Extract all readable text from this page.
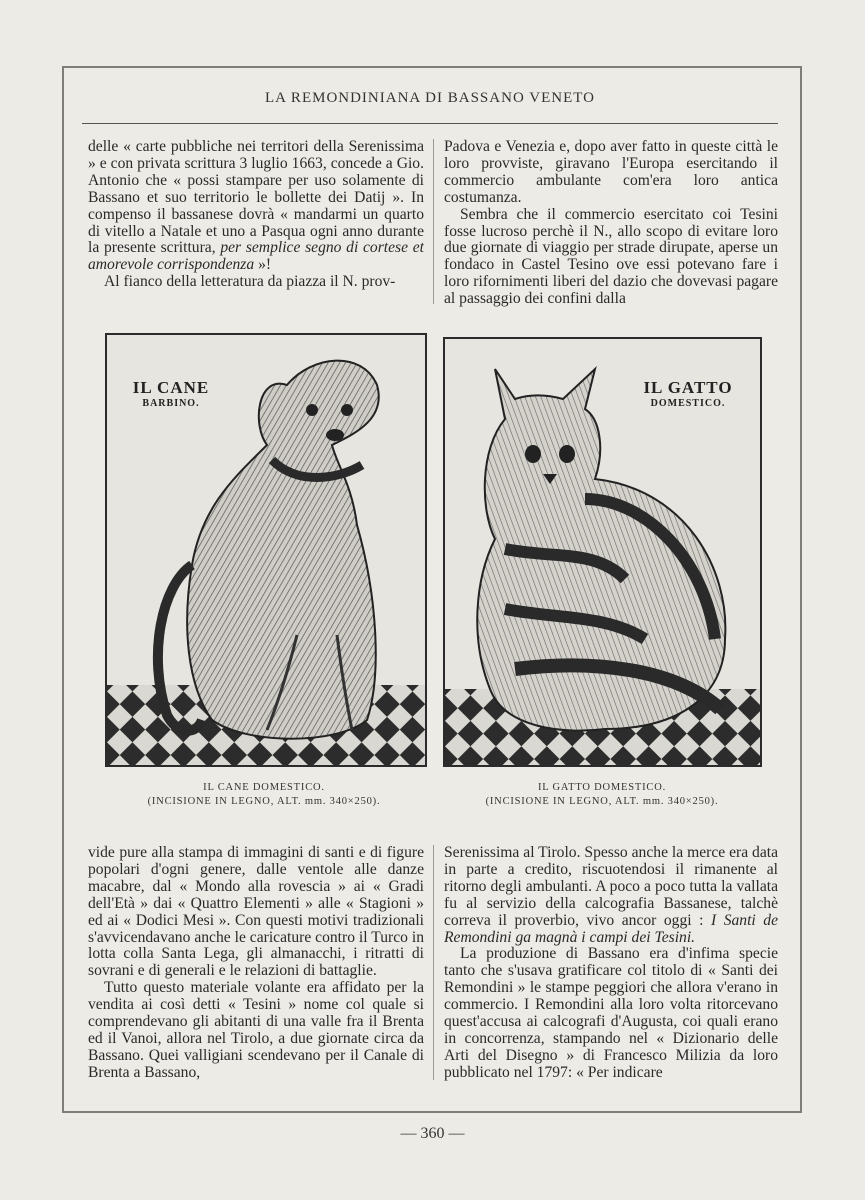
LA REMONDINIANA DI BASSANO VENETO

delle « carte pubbliche nei territori della Serenissima » e con privata scrittura 3 luglio 1663, concede a Gio. Antonio che « possi stampare per uso solamente di Bassano et suo territorio le bollette dei Datij ». In compenso il bassanese dovrà « mandarmi un quarto di vitello a Natale et uno a Pasqua ogni anno durante la presente scrittura, per semplice segno di cortese et amorevole corrispondenza »!

Al fianco della letteratura da piazza il N. prov-

Padova e Venezia e, dopo aver fatto in queste città le loro provviste, giravano l'Europa esercitando il commercio ambulante com'era loro antica costumanza.

Sembra che il commercio esercitato coi Tesini fosse lucroso perchè il N., allo scopo di evitare loro due giornate di viaggio per strade dirupate, aperse un fondaco in Castel Tesino ove essi potevano fare i loro rifornimenti liberi del dazio che dovevasi pagare al passaggio dei confini dalla

IL CANE
BARBINO.
IL GATTO
DOMESTICO.
IL CANE DOMESTICO.
(INCISIONE IN LEGNO, ALT. mm. 340×250).
IL GATTO DOMESTICO.
(INCISIONE IN LEGNO, ALT. mm. 340×250).

vide pure alla stampa di immagini di santi e di figure popolari d'ogni genere, dalle ventole alle danze macabre, dal « Mondo alla rovescia » ai « Gradi dell'Età » dai « Quattro Elementi » alle « Stagioni » ed ai « Dodici Mesi ». Con questi motivi tradizionali s'avvicendavano anche le caricature contro il Turco in lotta colla Santa Lega, gli almanacchi, i ritratti di sovrani e di generali e le relazioni di battaglie.

Tutto questo materiale volante era affidato per la vendita ai così detti « Tesini » nome col quale si comprendevano gli abitanti di una valle fra il Brenta ed il Vanoi, allora nel Tirolo, a due giornate circa da Bassano. Quei valligiani scendevano per il Canale di Brenta a Bassano,

Serenissima al Tirolo. Spesso anche la merce era data in parte a credito, riscuotendosi il rimanente al ritorno degli ambulanti. A poco a poco tutta la vallata fu al servizio della calcografia Bassanese, talchè correva il proverbio, vivo ancor oggi : I Santi de Remondini ga magnà i campi dei Tesini.

La produzione di Bassano era d'infima specie tanto che s'usava gratificare col titolo di « Santi dei Remondini » le stampe peggiori che allora v'erano in commercio. I Remondini alla loro volta ritorcevano quest'accusa ai calcografi d'Augusta, coi quali erano in concorrenza, stampando nel « Dizionario delle Arti del Disegno » di Francesco Milizia da loro pubblicato nel 1797: « Per indicare

— 360 —
